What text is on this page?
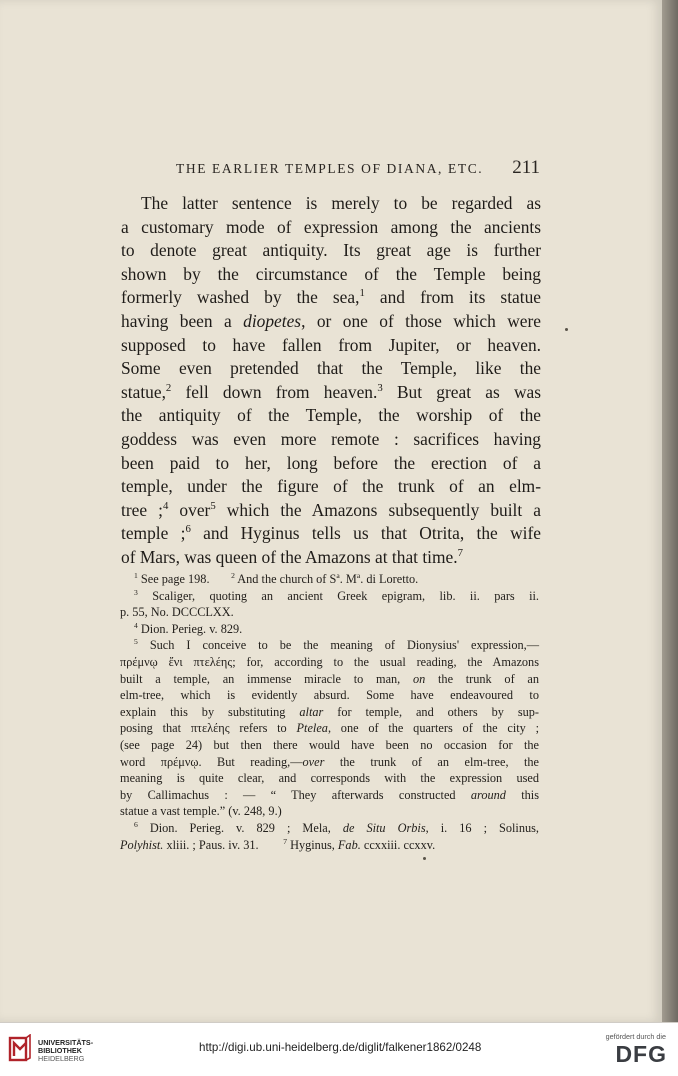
THE EARLIER TEMPLES OF DIANA, ETC. 211
The latter sentence is merely to be regarded as
a customary mode of expression among the ancients
to denote great antiquity. Its great age is further
shown by the circumstance of the Temple being
formerly washed by the sea,$^1$ and from its statue
having been a diopetes, or one of those which were
supposed to have fallen from Jupiter, or heaven.
Some even pretended that the Temple, like the
statue,$^2$ fell down from heaven.$^3$ But great as was
the antiquity of the Temple, the worship of the
goddess was even more remote : sacrifices having
been paid to her, long before the erection of a
temple, under the figure of the trunk of an elm-
tree ;$^4$ over$^5$ which the Amazons subsequently built a
temple ;$^6$ and Hyginus tells us that Otrita, the wife
of Mars, was queen of the Amazons at that time.$^7$
$^1$ See page 198.	$^2$ And the church of $S^a$. $M^a$. di Loretto.
$^3$ Scaliger, quoting an ancient Greek epigram, lib. ii. pars ii.
p. 55, No. DCCCLXX.
$^4$ Dion. Perieg. v. 829.
$^5$ Such I conceive to be the meaning of Dionysius' expression,—
πρέμνῳ ἔνι πτελέης; for, according to the usual reading, the Amazons
built a temple, an immense miracle to man, on the trunk of an
elm-tree, which is evidently absurd. Some have endeavoured to
explain this by substituting altar for temple, and others by sup-
posing that πτελέης refers to Ptelea, one of the quarters of the city ;
(see page 24) but then there would have been no occasion for the
word πρέμνῳ. But reading,—over the trunk of an elm-tree, the
meaning is quite clear, and corresponds with the expression used
by Callimachus : — “ They afterwards constructed around this
statue a vast temple.” (v. 248, 9.)
$^6$ Dion. Perieg. v. 829 ; Mela, de Situ Orbis, i. 16 ; Solinus,
Polyhist. xliii. ; Paus. iv. 31.	$^7$ Hyginus, Fab. ccxxiii. ccxxv.
UNIVERSITÄTS-
BIBLIOTHEK
HEIDELBERG
http://digi.ub.uni-heidelberg.de/diglit/falkener1862/0248
gefördert durch die
DFG
